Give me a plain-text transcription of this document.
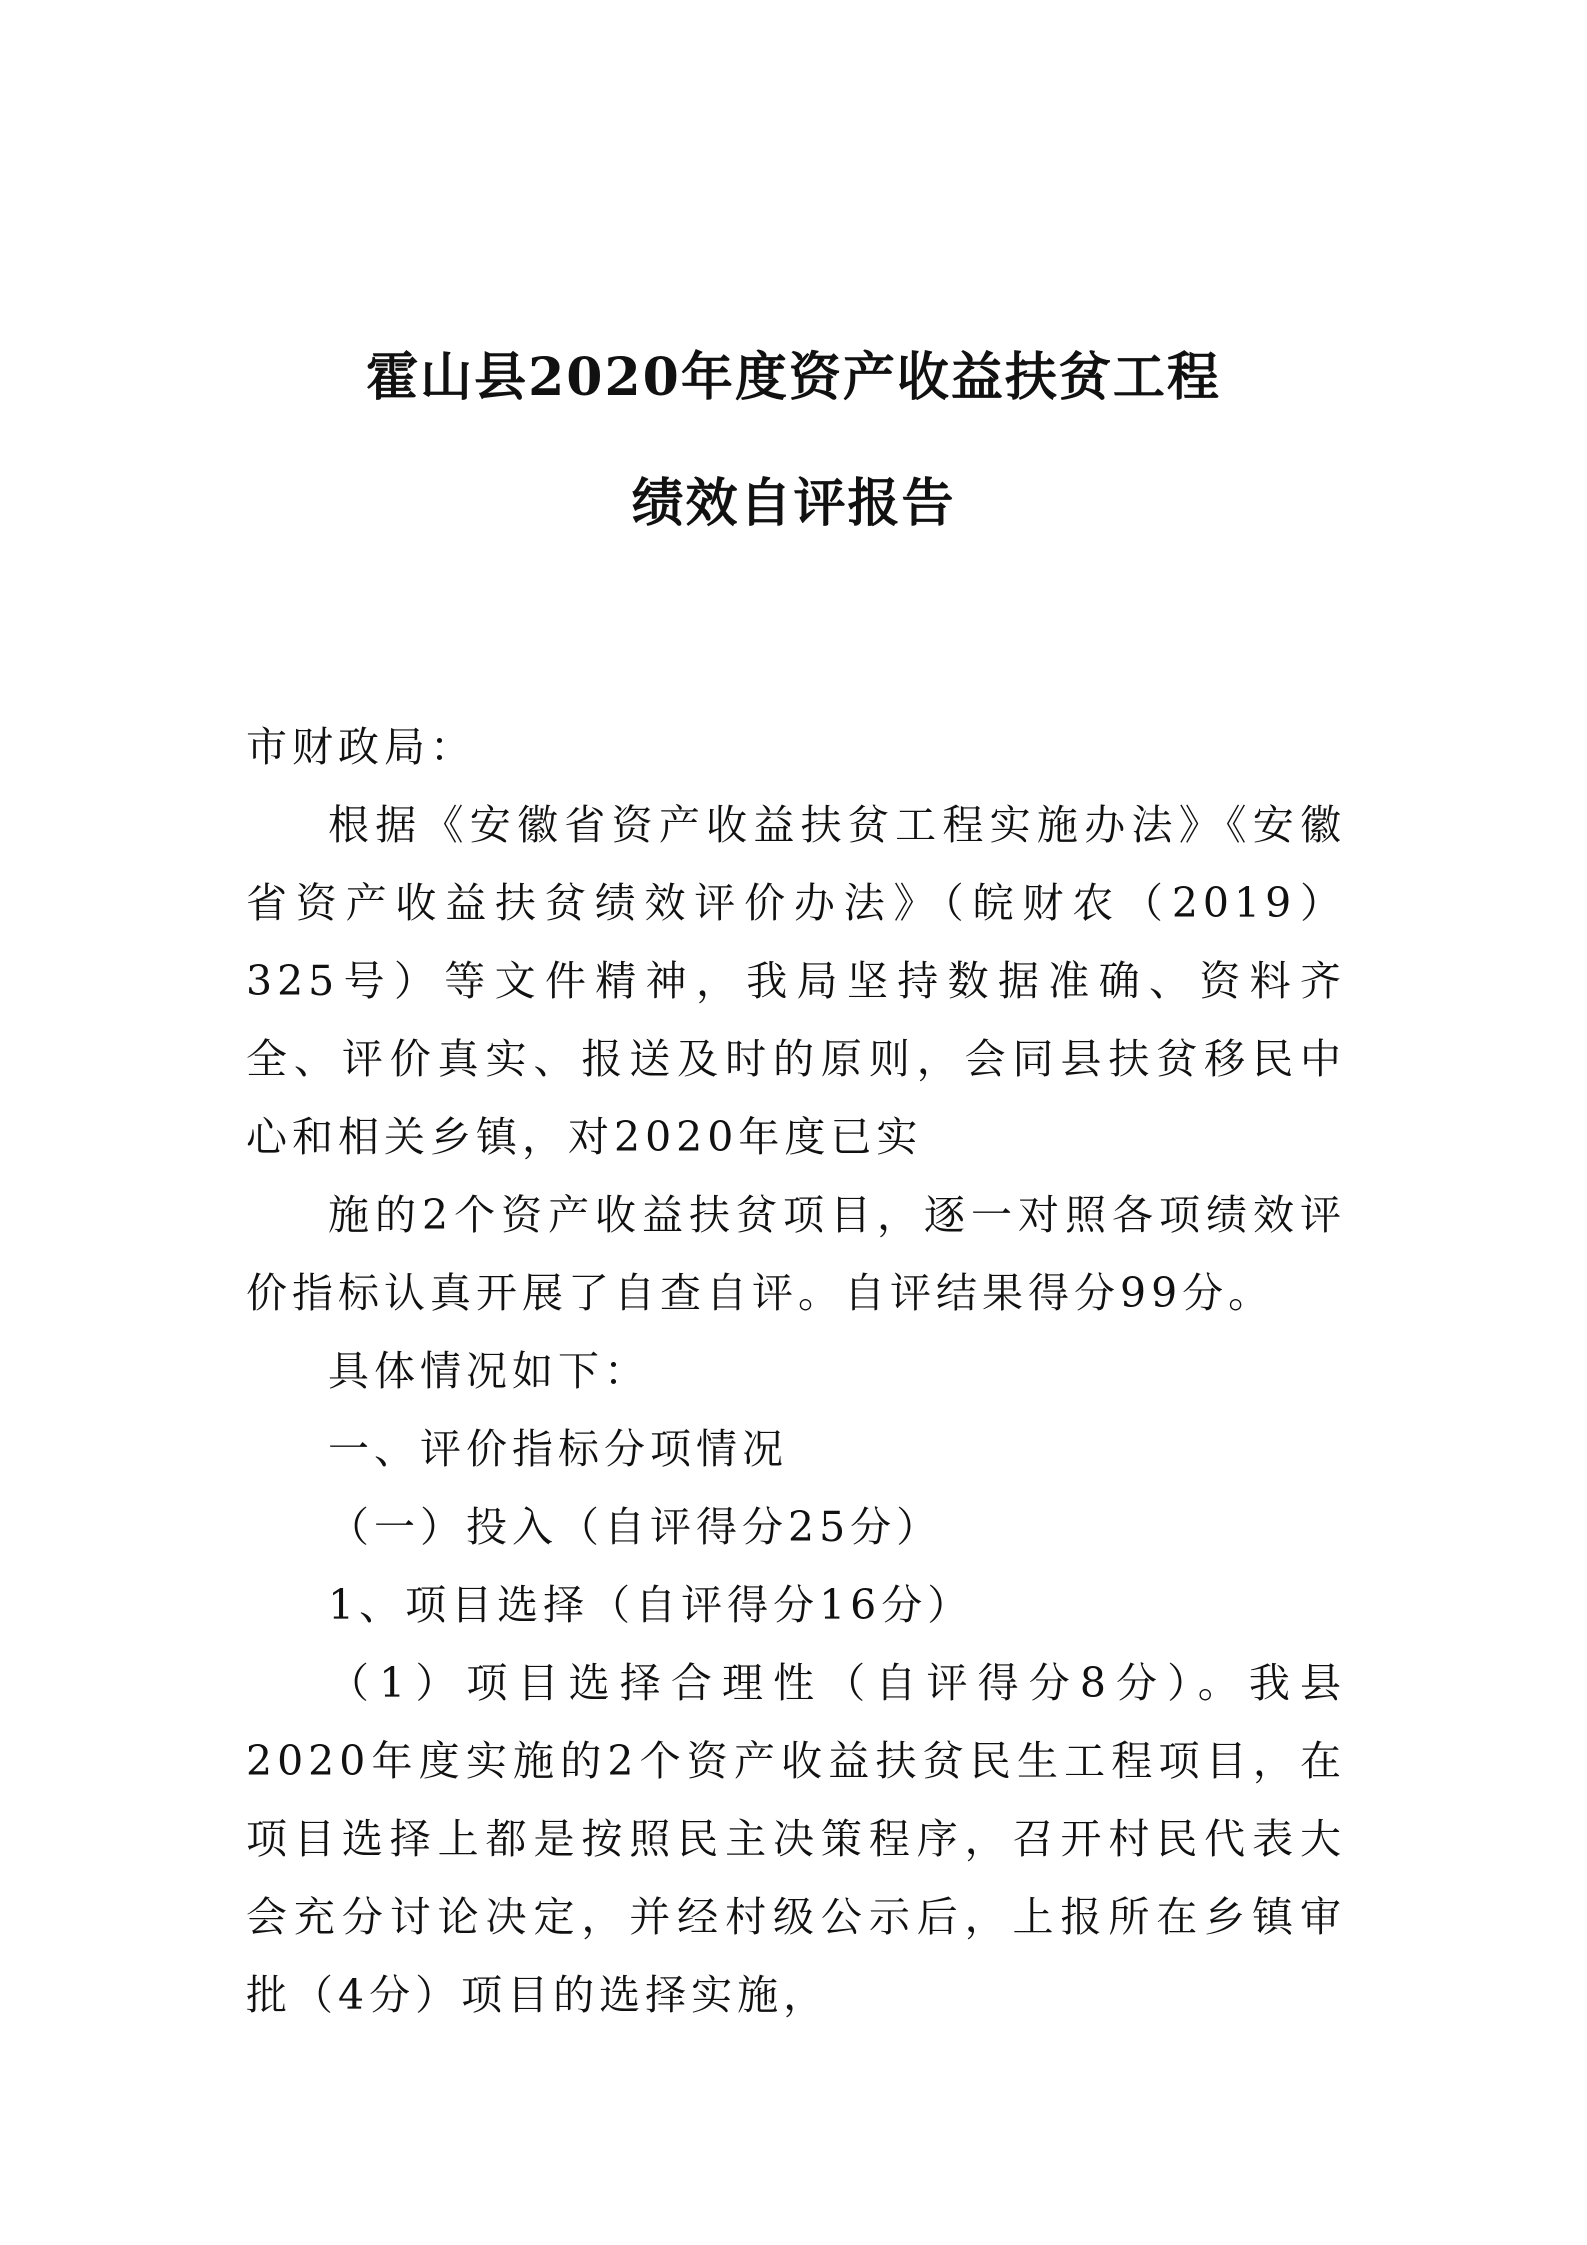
霍山县2020年度资产收益扶贫工程
绩效自评报告

市财政局：

根据《安徽省资产收益扶贫工程实施办法》《安徽省资产收益扶贫绩效评价办法》（皖财农（2019）325号）等文件精神，我局坚持数据准确、资料齐全、评价真实、报送及时的原则，会同县扶贫移民中心和相关乡镇，对2020年度已实

施的2个资产收益扶贫项目，逐一对照各项绩效评价指标认真开展了自查自评。自评结果得分99分。

具体情况如下：

一、评价指标分项情况

（一）投入（自评得分25分）

1、项目选择（自评得分16分）

（1）项目选择合理性（自评得分8分）。我县2020年度实施的2个资产收益扶贫民生工程项目，在项目选择上都是按照民主决策程序，召开村民代表大会充分讨论决定，并经村级公示后，上报所在乡镇审批（4分）项目的选择实施，
